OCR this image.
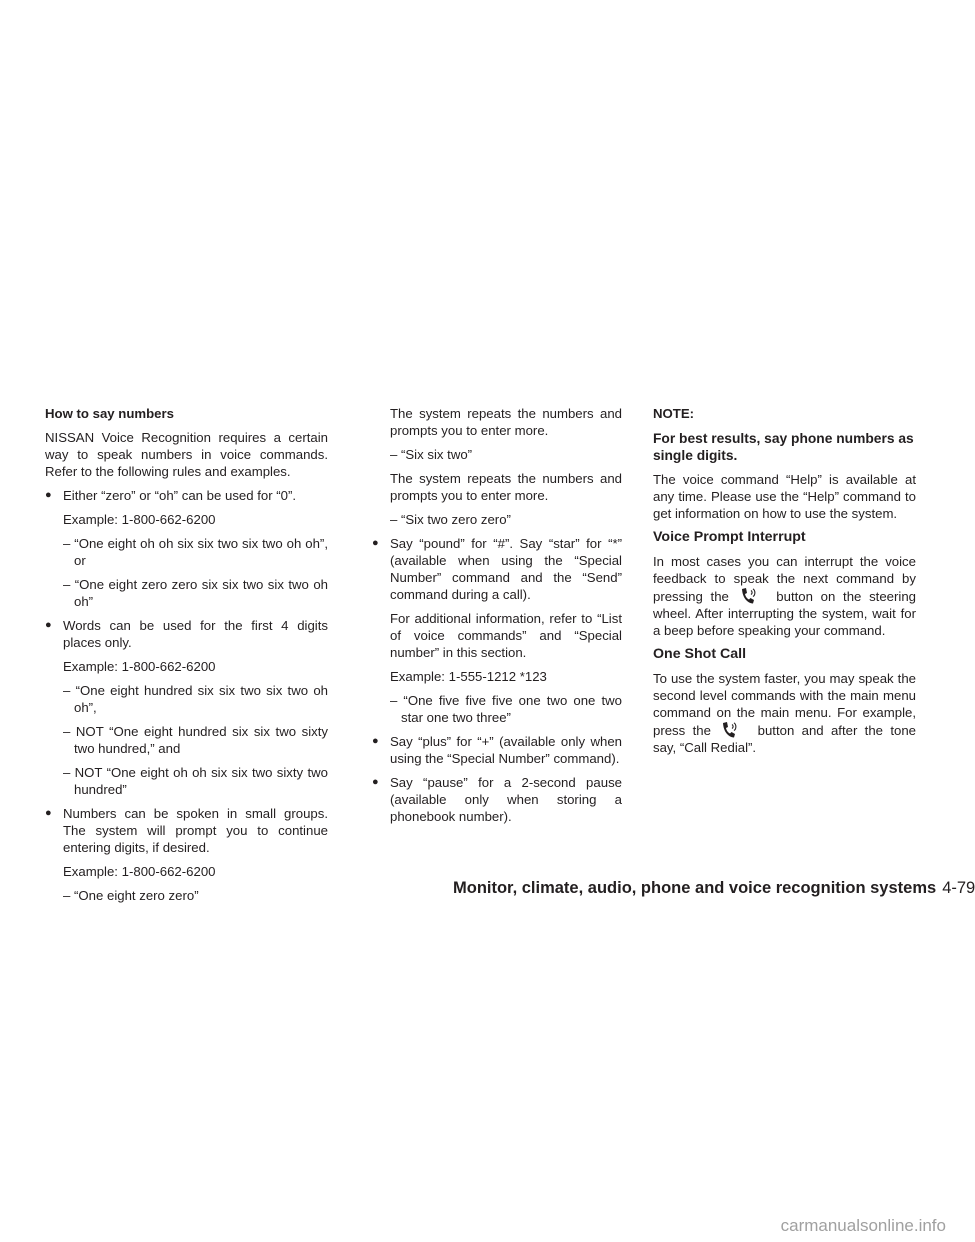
How to say numbers

NISSAN Voice Recognition requires a certain way to speak numbers in voice commands. Refer to the following rules and examples.

● Either “zero” or “oh” can be used for “0”.

Example: 1-800-662-6200

– “One eight oh oh six six two six two oh oh”, or

– “One eight zero zero six six two six two oh oh”

● Words can be used for the first 4 digits places only.

Example: 1-800-662-6200

– “One eight hundred six six two six two oh oh”,

– NOT “One eight hundred six six two sixty two hundred,” and

– NOT “One eight oh oh six six two sixty two hundred”

● Numbers can be spoken in small groups. The system will prompt you to continue entering digits, if desired.

Example: 1-800-662-6200

– “One eight zero zero”

The system repeats the numbers and prompts you to enter more.

– “Six six two”

The system repeats the numbers and prompts you to enter more.

– “Six two zero zero”

● Say “pound” for “#”. Say “star” for “*” (available when using the “Special Number” command and the “Send” command during a call).

For additional information, refer to “List of voice commands” and “Special number” in this section.

Example: 1-555-1212 *123

– “One five five five one two one two star one two three”

● Say “plus” for “+” (available only when using the “Special Number” command).

● Say “pause” for a 2-second pause (available only when storing a phonebook number).

NOTE:

For best results, say phone numbers as single digits.

The voice command “Help” is available at any time. Please use the “Help” command to get information on how to use the system.

Voice Prompt Interrupt

In most cases you can interrupt the voice feedback to speak the next command by pressing the	button on the steering wheel. After interrupting the system, wait for a beep before speaking your command.

One Shot Call

To use the system faster, you may speak the second level commands with the main menu command on the main menu. For example, press the	button and after the tone say, “Call Redial”.

Monitor, climate, audio, phone and voice recognition systems 4-79
carmanualsonline.info
